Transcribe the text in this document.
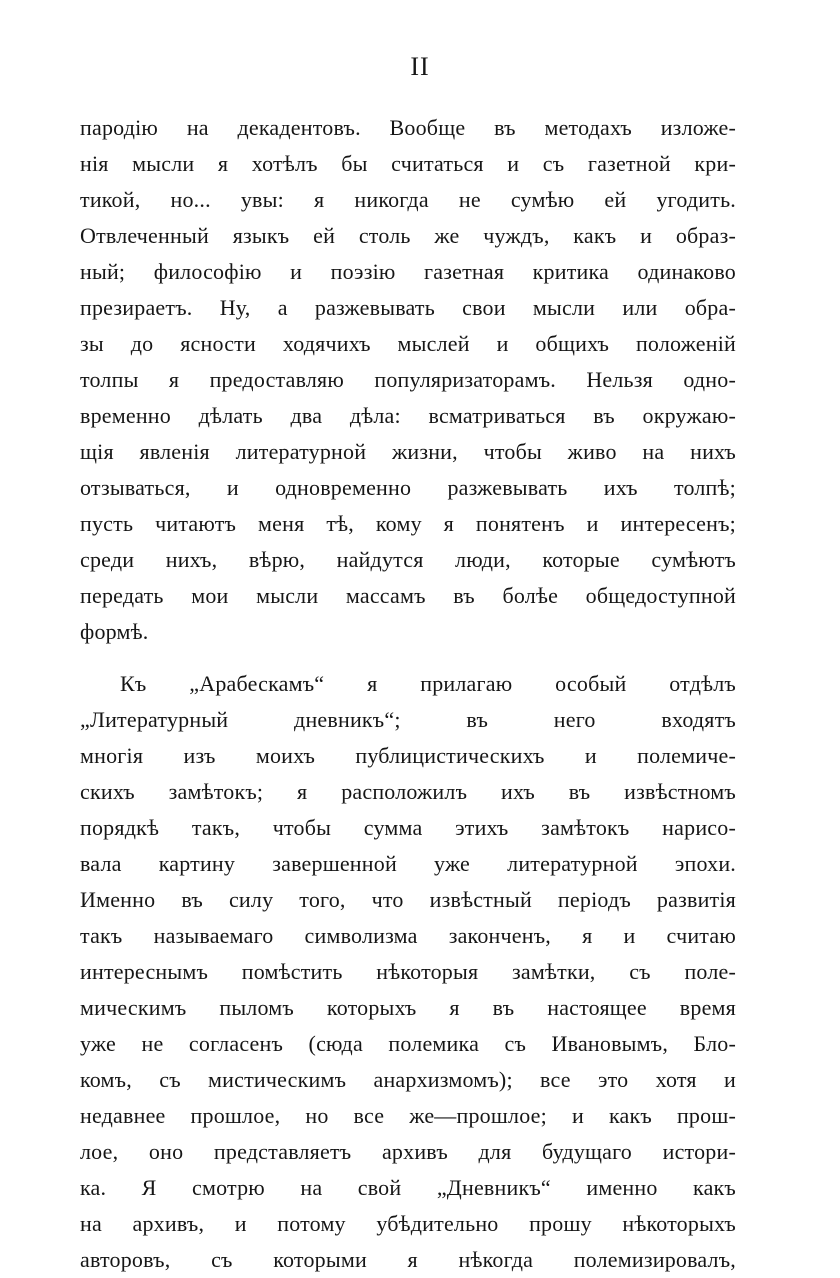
II
пародію на декадентовъ. Вообще въ методахъ изложе-
нія мысли я хотѣлъ бы считаться и съ газетной кри-
тикой, но... увы: я никогда не сумѣю ей угодить.
Отвлеченный языкъ ей столь же чуждъ, какъ и образ-
ный; философію и поэзію газетная критика одинаково
презираетъ. Ну, а разжевывать свои мысли или обра-
зы до ясности ходячихъ мыслей и общихъ положеній
толпы я предоставляю популяризаторамъ. Нельзя одно-
временно дѣлать два дѣла: всматриваться въ окружаю-
щія явленія литературной жизни, чтобы живо на нихъ
отзываться, и одновременно разжевывать ихъ толпѣ;
пусть читаютъ меня тѣ, кому я понятенъ и интересенъ;
среди нихъ, вѣрю, найдутся люди, которые сумѣютъ
передать мои мысли массамъ въ болѣе общедоступной
формѣ.
Къ „Арабескамъ“ я прилагаю особый отдѣлъ
„Литературный дневникъ“; въ него входятъ
многія изъ моихъ публицистическихъ и полемиче-
скихъ замѣтокъ; я расположилъ ихъ въ извѣстномъ
порядкѣ такъ, чтобы сумма этихъ замѣтокъ нарисо-
вала картину завершенной уже литературной эпохи.
Именно въ силу того, что извѣстный періодъ развитія
такъ называемаго символизма законченъ, я и считаю
интереснымъ помѣстить нѣкоторыя замѣтки, съ поле-
мическимъ пыломъ которыхъ я въ настоящее время
уже не согласенъ (сюда полемика съ Ивановымъ, Бло-
комъ, съ мистическимъ анархизмомъ); все это хотя и
недавнее прошлое, но все же—прошлое; и какъ прош-
лое, оно представляетъ архивъ для будущаго истори-
ка. Я смотрю на свой „Дневникъ“ именно какъ
на архивъ, и потому убѣдительно прошу нѣкоторыхъ
авторовъ, съ которыми я нѣкогда полемизировалъ,
